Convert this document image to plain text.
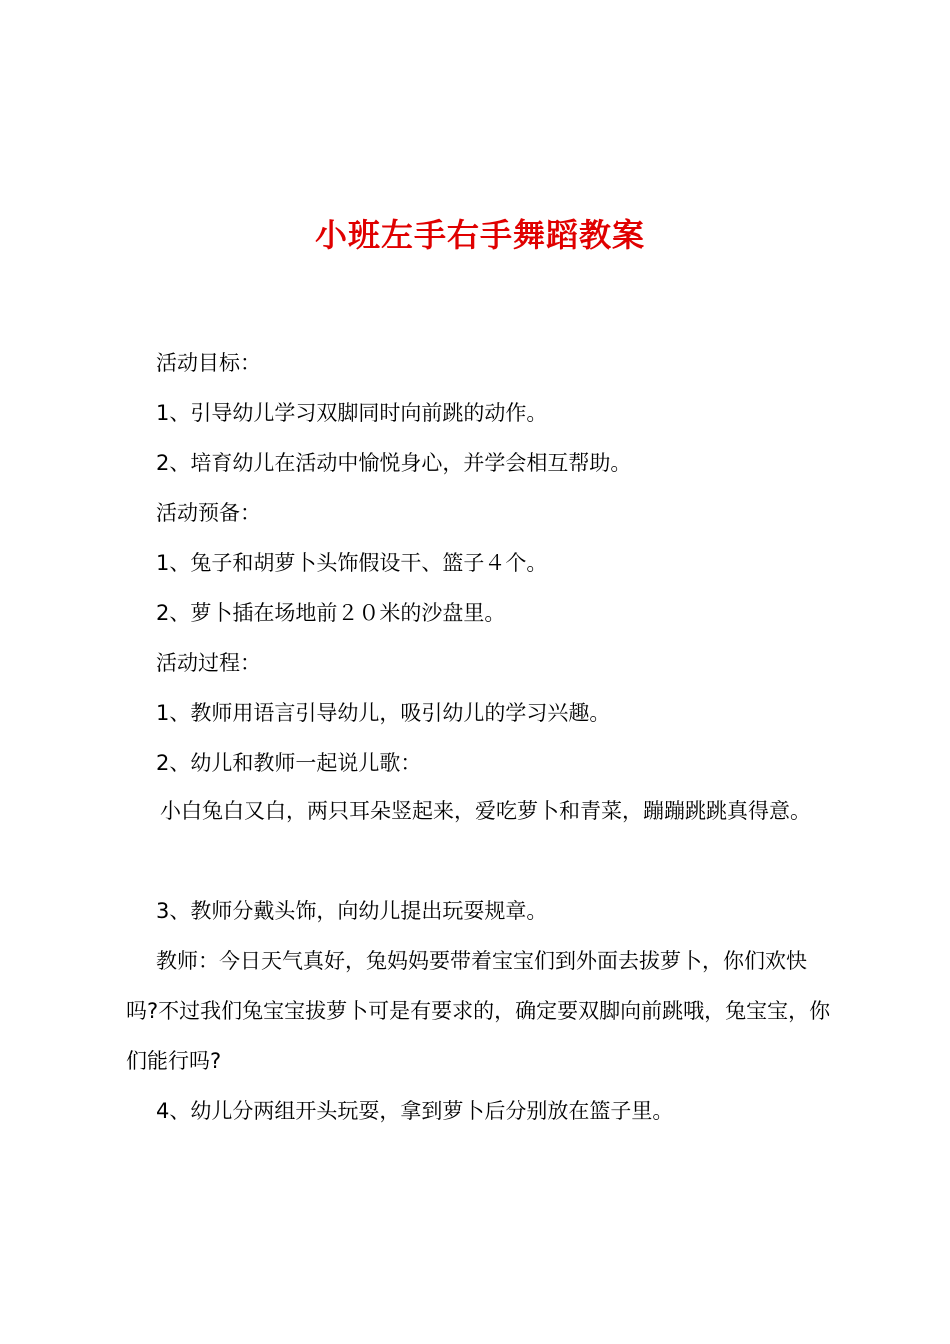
小班左手右手舞蹈教案

活动目标：

1、引导幼儿学习双脚同时向前跳的动作。

2、培育幼儿在活动中愉悦身心，并学会相互帮助。

活动预备：

1、兔子和胡萝卜头饰假设干、篮子４个。

2、萝卜插在场地前２０米的沙盘里。

活动过程：

1、教师用语言引导幼儿，吸引幼儿的学习兴趣。

2、幼儿和教师一起说儿歌：

小白兔白又白，两只耳朵竖起来，爱吃萝卜和青菜，蹦蹦跳跳真得意。

3、教师分戴头饰，向幼儿提出玩耍规章。

教师：今日天气真好，兔妈妈要带着宝宝们到外面去拔萝卜，你们欢快吗?不过我们兔宝宝拔萝卜可是有要求的，确定要双脚向前跳哦，兔宝宝，你们能行吗?

4、幼儿分两组开头玩耍，拿到萝卜后分别放在篮子里。
